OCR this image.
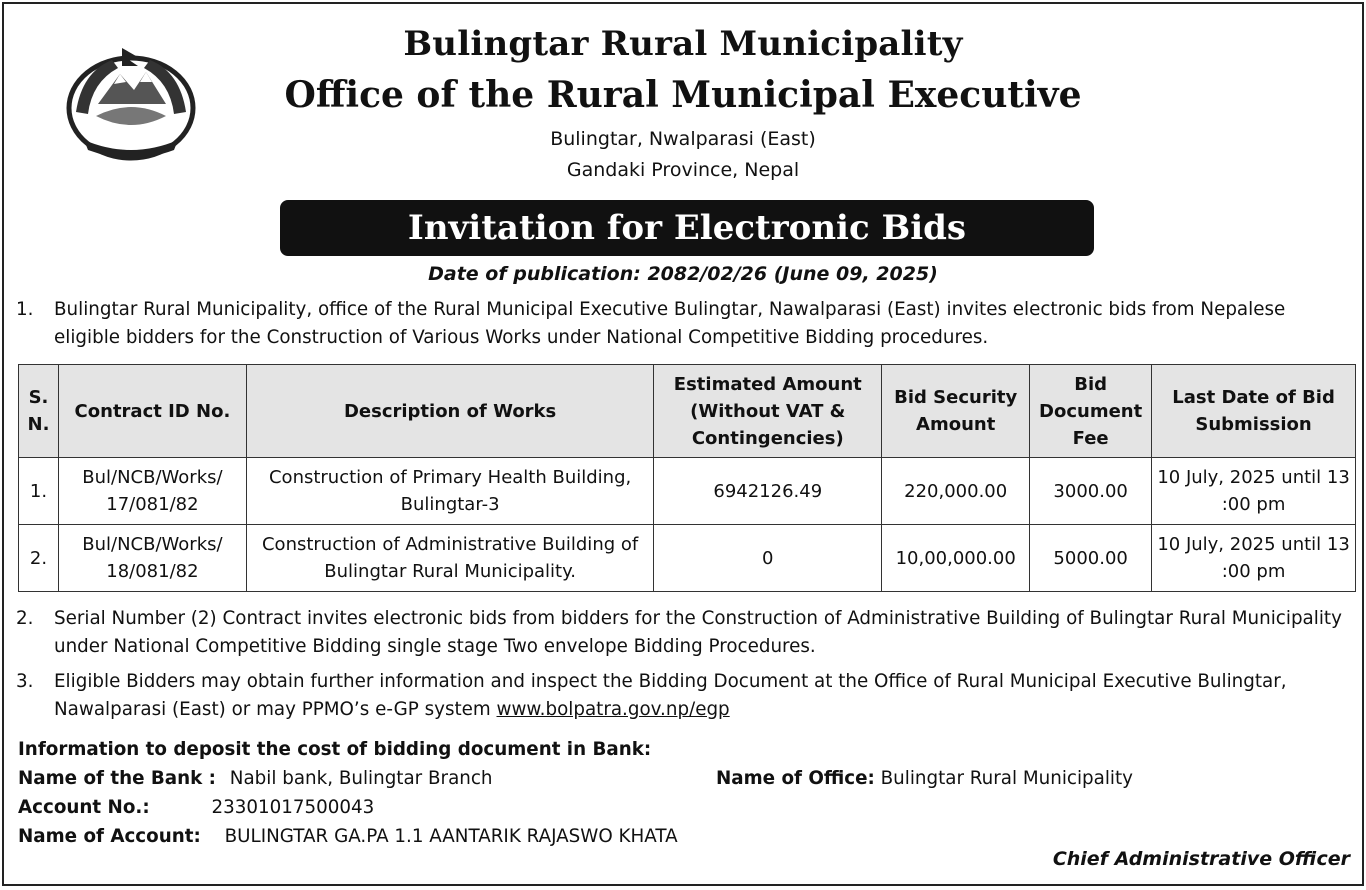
Bulingtar Rural Municipality
Office of the Rural Municipal Executive
Bulingtar, Nwalparasi (East)
Gandaki Province, Nepal
Invitation for Electronic Bids
Date of publication: 2082/02/26 (June 09, 2025)
1.	Bulingtar Rural Municipality, office of the Rural Municipal Executive Bulingtar, Nawalparasi (East) invites electronic bids from Nepalese eligible bidders for the Construction of Various Works under National Competitive Bidding procedures.
S. N.	Contract ID No.	Description of Works	Estimated Amount (Without VAT & Contingencies)	Bid Security Amount	Bid Document Fee	Last Date of Bid Submission
1.	Bul/NCB/Works/ 17/081/82	Construction of Primary Health Building, Bulingtar-3	6942126.49	220,000.00	3000.00	10 July, 2025 until 13 :00 pm
2.	Bul/NCB/Works/ 18/081/82	Construction of Administrative Building of Bulingtar Rural Municipality.	0	10,00,000.00	5000.00	10 July, 2025 until 13 :00 pm
2.	Serial Number (2) Contract invites electronic bids from bidders for the Construction of Administrative Building of Bulingtar Rural Municipality under National Competitive Bidding single stage Two envelope Bidding Procedures.
3.	Eligible Bidders may obtain further information and inspect the Bidding Document at the Office of Rural Municipal Executive Bulingtar, Nawalparasi (East) or may PPMO’s e-GP system www.bolpatra.gov.np/egp
Information to deposit the cost of bidding document in Bank:
Name of the Bank : Nabil bank, Bulingtar Branch	Name of Office: Bulingtar Rural Municipality
Account No.:	23301017500043
Name of Account: BULINGTAR GA.PA 1.1 AANTARIK RAJASWO KHATA
Chief Administrative Officer
